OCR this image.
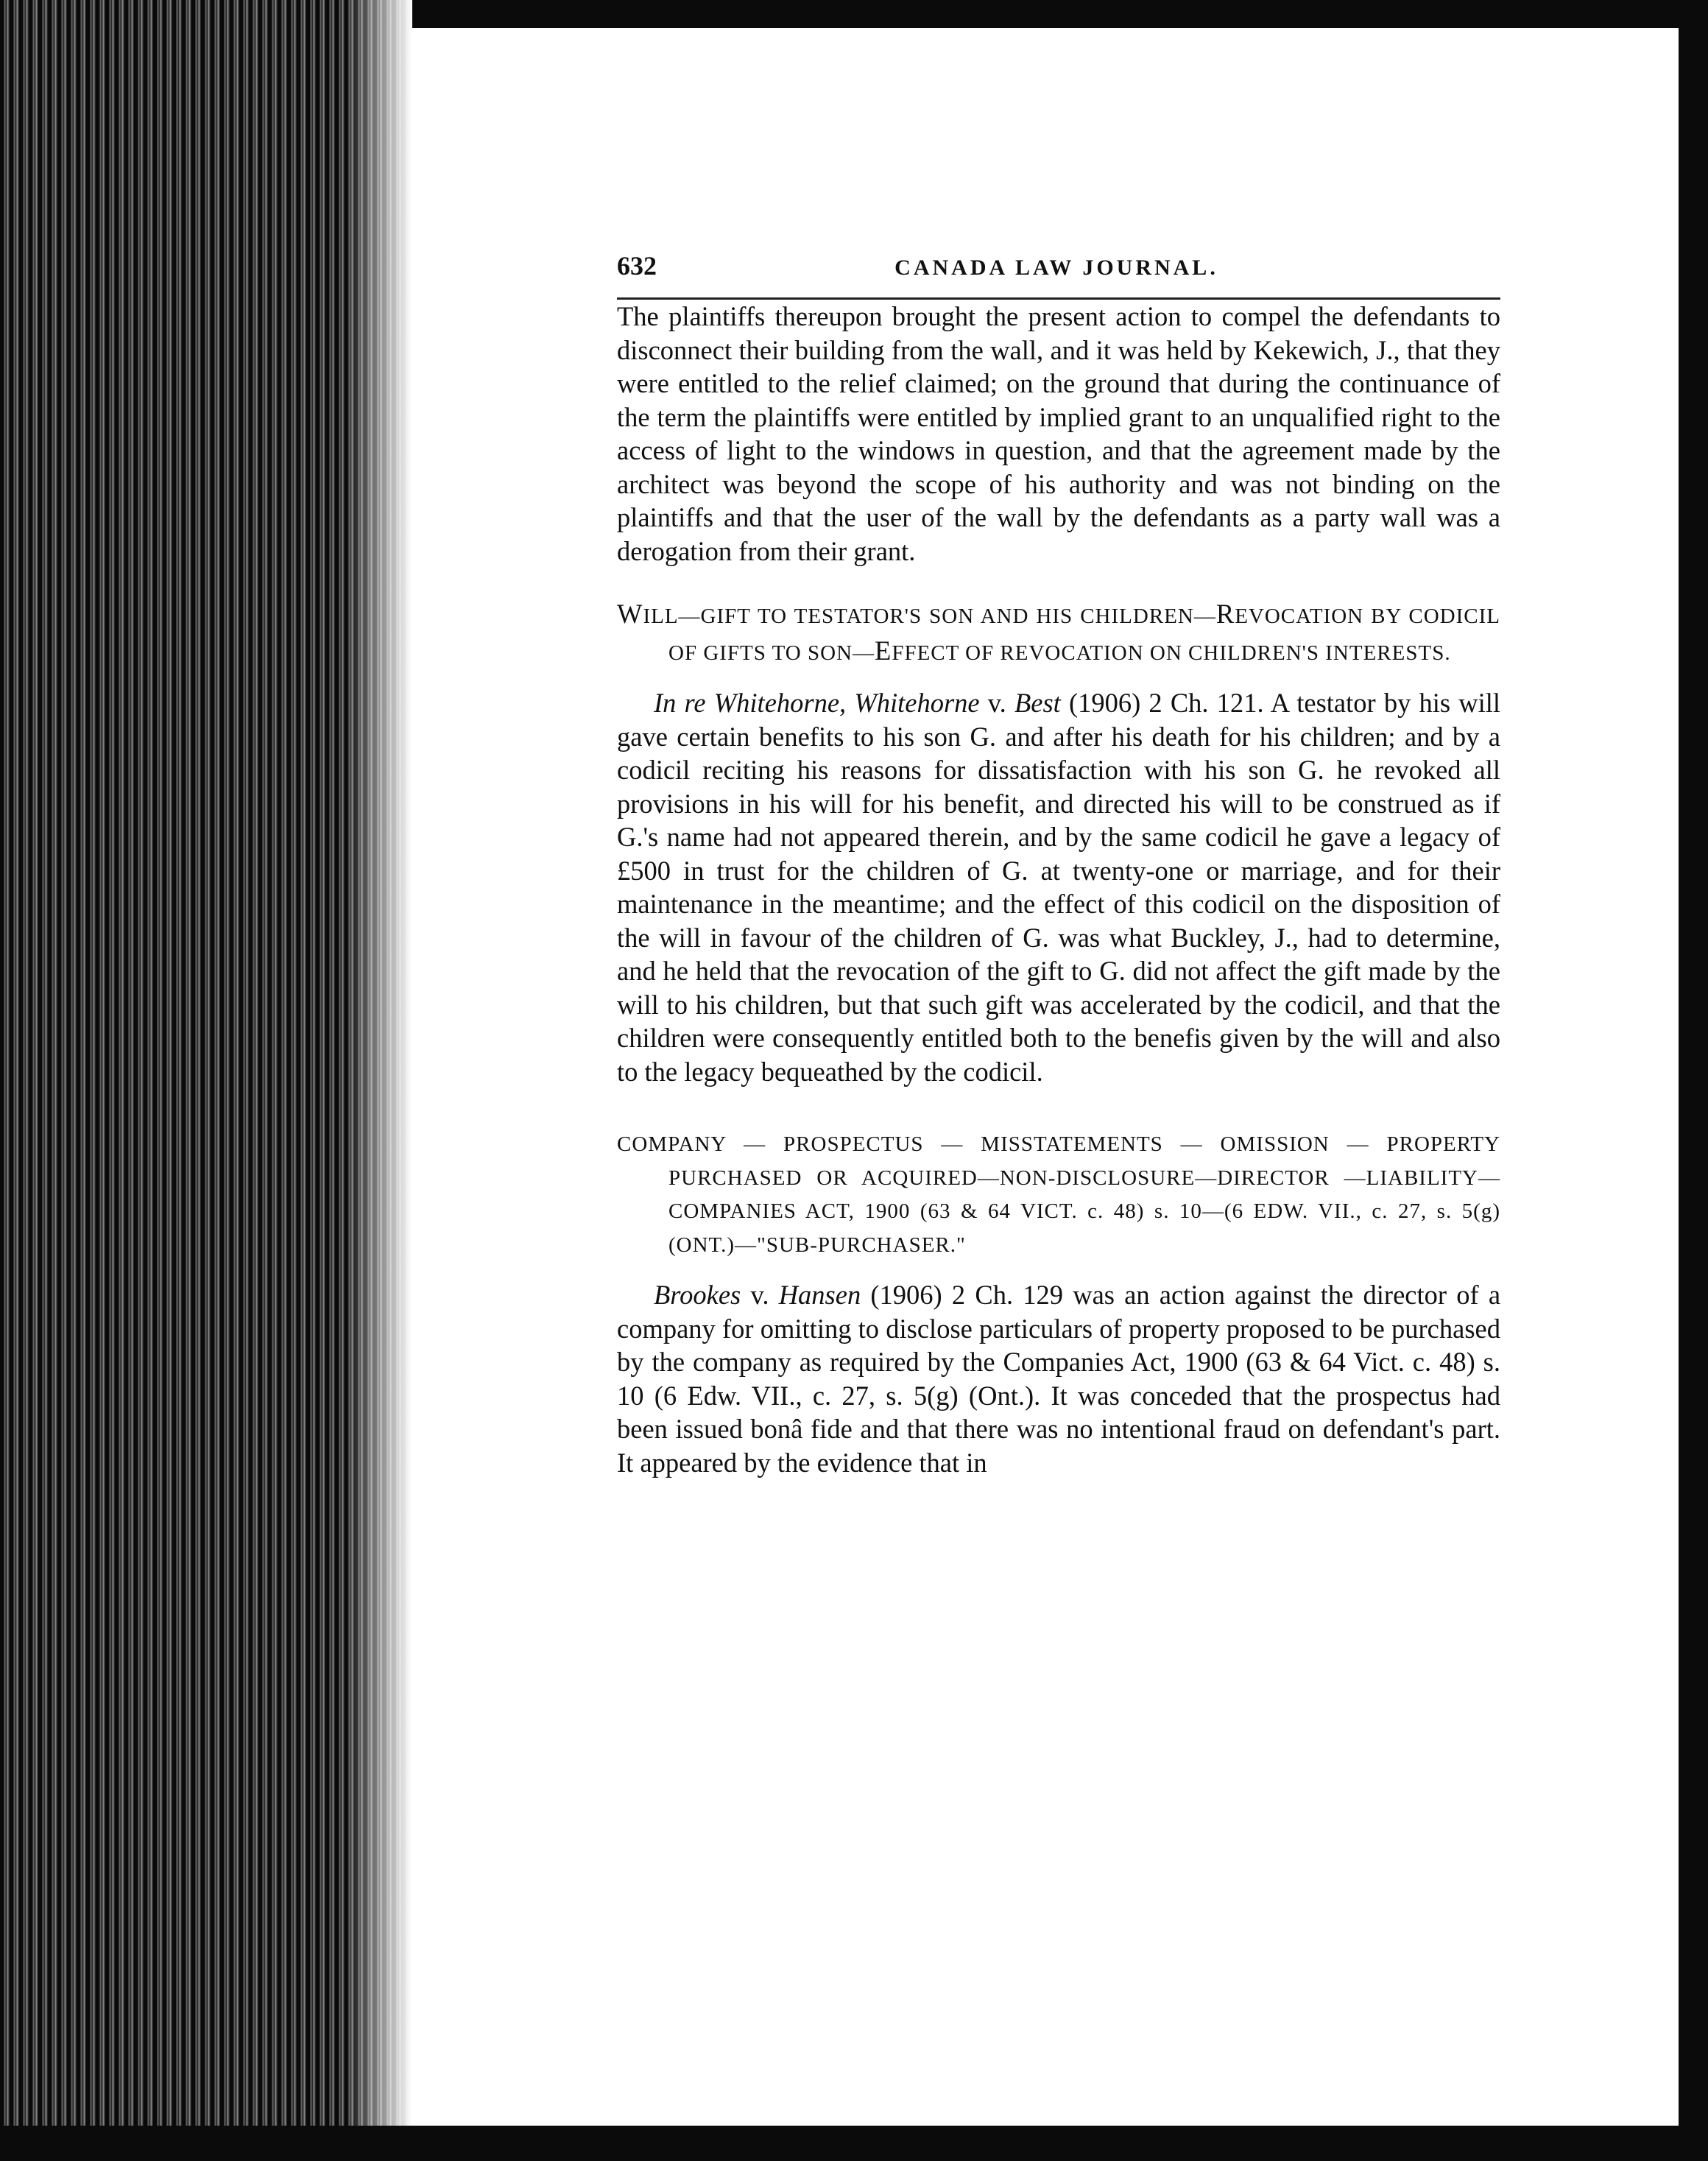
632	CANADA LAW JOURNAL.

The plaintiffs thereupon brought the present action to compel the defendants to disconnect their building from the wall, and it was held by Kekewich, J., that they were entitled to the relief claimed; on the ground that during the continuance of the term the plaintiffs were entitled by implied grant to an unqualified right to the access of light to the windows in question, and that the agreement made by the architect was beyond the scope of his authority and was not binding on the plaintiffs and that the user of the wall by the defendants as a party wall was a derogation from their grant.

WILL—GIFT TO TESTATOR'S SON AND HIS CHILDREN—REVOCATION BY CODICIL OF GIFTS TO SON—EFFECT OF REVOCATION ON CHILDREN'S INTERESTS.

In re Whitehorne, Whitehorne v. Best (1906) 2 Ch. 121. A testator by his will gave certain benefits to his son G. and after his death for his children; and by a codicil reciting his reasons for dissatisfaction with his son G. he revoked all provisions in his will for his benefit, and directed his will to be construed as if G.'s name had not appeared therein, and by the same codicil he gave a legacy of £500 in trust for the children of G. at twenty-one or marriage, and for their maintenance in the meantime; and the effect of this codicil on the disposition of the will in favour of the children of G. was what Buckley, J., had to determine, and he held that the revocation of the gift to G. did not affect the gift made by the will to his children, but that such gift was accelerated by the codicil, and that the children were consequently entitled both to the benefis given by the will and also to the legacy bequeathed by the codicil.

COMPANY — PROSPECTUS — MISSTATEMENTS — OMISSION — PROPERTY PURCHASED OR ACQUIRED—NON-DISCLOSURE—DIRECTOR —LIABILITY—COMPANIES ACT, 1900 (63 & 64 VICT. c. 48) s. 10—(6 EDW. VII., c. 27, s. 5(g) (ONT.)—"SUB-PURCHASER."

Brookes v. Hansen (1906) 2 Ch. 129 was an action against the director of a company for omitting to disclose particulars of property proposed to be purchased by the company as required by the Companies Act, 1900 (63 & 64 Vict. c. 48) s. 10 (6 Edw. VII., c. 27, s. 5(g) (Ont.). It was conceded that the prospectus had been issued bonâ fide and that there was no intentional fraud on defendant's part. It appeared by the evidence that in
